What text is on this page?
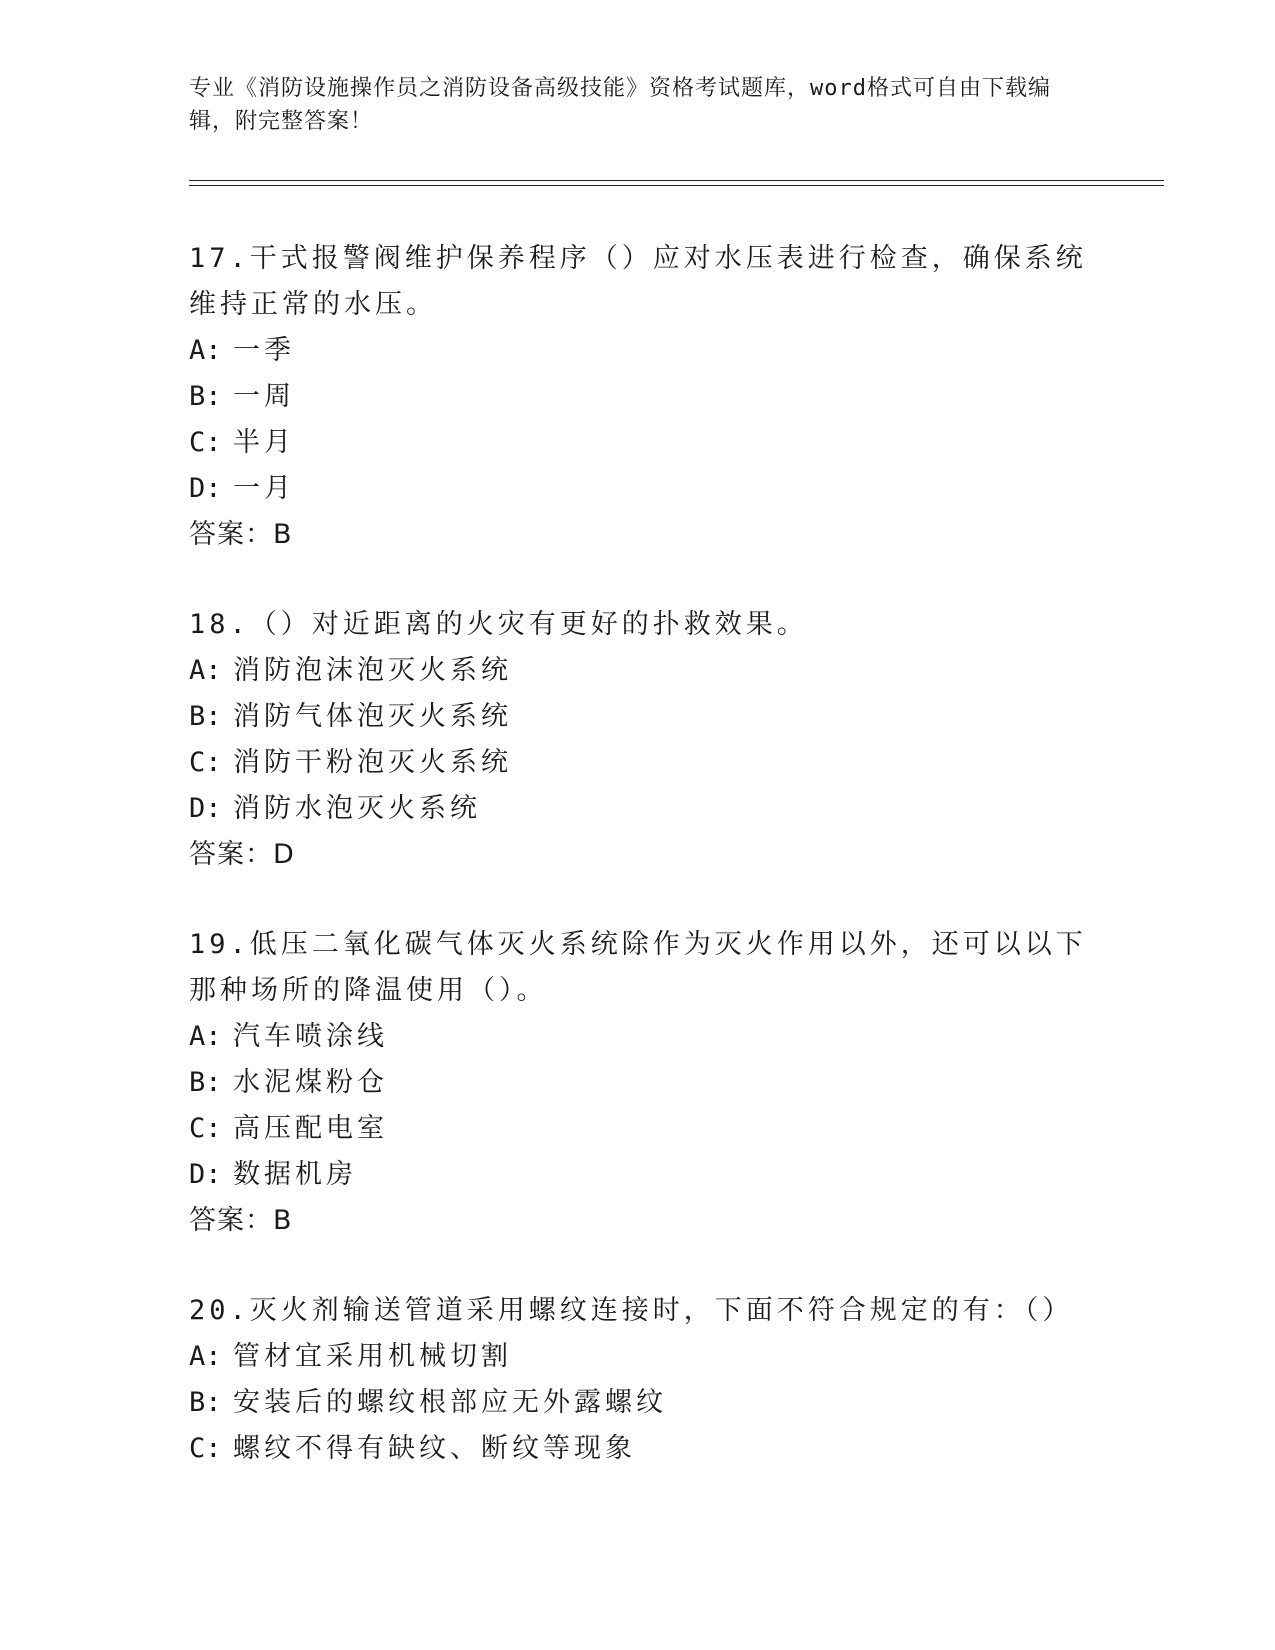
专业《消防设施操作员之消防设备高级技能》资格考试题库，word格式可自由下载编辑，附完整答案！

17.干式报警阀维护保养程序（）应对水压表进行检查，确保系统维持正常的水压。

A: 一季
B: 一周
C: 半月
D: 一月
答案：B

18.（）对近距离的火灾有更好的扑救效果。

A: 消防泡沫泡灭火系统
B: 消防气体泡灭火系统
C: 消防干粉泡灭火系统
D: 消防水泡灭火系统
答案：D

19.低压二氧化碳气体灭火系统除作为灭火作用以外，还可以以下那种场所的降温使用（）。

A: 汽车喷涂线
B: 水泥煤粉仓
C: 高压配电室
D: 数据机房
答案：B

20.灭火剂输送管道采用螺纹连接时，下面不符合规定的有：（）

A: 管材宜采用机械切割
B: 安装后的螺纹根部应无外露螺纹
C: 螺纹不得有缺纹、断纹等现象
